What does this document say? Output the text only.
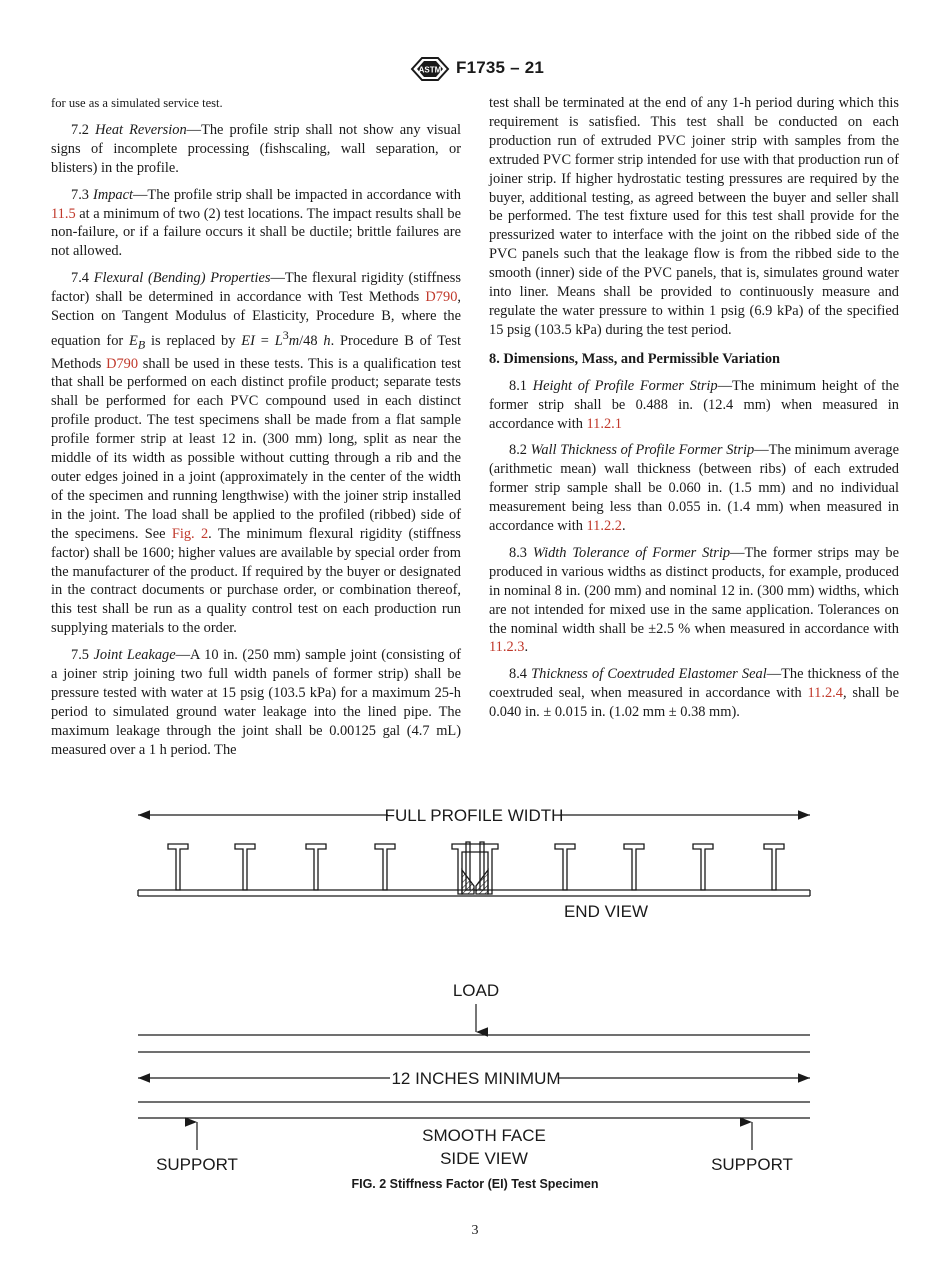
ASTM F1735 – 21

for use as a simulated service test.

7.2 Heat Reversion—The profile strip shall not show any visual signs of incomplete processing (fishscaling, wall separation, or blisters) in the profile.

7.3 Impact—The profile strip shall be impacted in accordance with 11.5 at a minimum of two (2) test locations. The impact results shall be non-failure, or if a failure occurs it shall be ductile; brittle failures are not allowed.

7.4 Flexural (Bending) Properties—The flexural rigidity (stiffness factor) shall be determined in accordance with Test Methods D790, Section on Tangent Modulus of Elasticity, Procedure B, where the equation for $E_B$ is replaced by EI = $L^3m/48$ h. Procedure B of Test Methods D790 shall be used in these tests. This is a qualification test that shall be performed on each distinct profile product; separate tests shall be performed for each PVC compound used in each distinct profile product. The test specimens shall be made from a flat sample profile former strip at least 12 in. (300 mm) long, split as near the middle of its width as possible without cutting through a rib and the outer edges joined in a joint (approximately in the center of the width of the specimen and running lengthwise) with the joiner strip installed in the joint. The load shall be applied to the profiled (ribbed) side of the specimens. See Fig. 2. The minimum flexural rigidity (stiffness factor) shall be 1600; higher values are available by special order from the manufacturer of the product. If required by the buyer or designated in the contract documents or purchase order, or combination thereof, this test shall be run as a quality control test on each production run supplying materials to the order.

7.5 Joint Leakage—A 10 in. (250 mm) sample joint (consisting of a joiner strip joining two full width panels of former strip) shall be pressure tested with water at 15 psig (103.5 kPa) for a maximum 25-h period to simulated ground water leakage into the lined pipe. The maximum leakage through the joint shall be 0.00125 gal (4.7 mL) measured over a 1 h period. The

test shall be terminated at the end of any 1-h period during which this requirement is satisfied. This test shall be conducted on each production run of extruded PVC joiner strip with samples from the extruded PVC former strip intended for use with that production run of joiner strip. If higher hydrostatic testing pressures are required by the buyer, additional testing, as agreed between the buyer and seller shall be performed. The test fixture used for this test shall provide for the pressurized water to interface with the joint on the ribbed side of the PVC panels such that the leakage flow is from the ribbed side to the smooth (inner) side of the PVC panels, that is, simulates ground water into liner. Means shall be provided to continuously measure and regulate the water pressure to within 1 psig (6.9 kPa) of the specified 15 psig (103.5 kPa) during the test period.

8. Dimensions, Mass, and Permissible Variation

8.1 Height of Profile Former Strip—The minimum height of the former strip shall be 0.488 in. (12.4 mm) when measured in accordance with 11.2.1

8.2 Wall Thickness of Profile Former Strip—The minimum average (arithmetic mean) wall thickness (between ribs) of each extruded former strip sample shall be 0.060 in. (1.5 mm) and no individual measurement being less than 0.055 in. (1.4 mm) when measured in accordance with 11.2.2.

8.3 Width Tolerance of Former Strip—The former strips may be produced in various widths as distinct products, for example, produced in nominal 8 in. (200 mm) and nominal 12 in. (300 mm) widths, which are not intended for mixed use in the same application. Tolerances on the nominal width shall be ±2.5 % when measured in accordance with 11.2.3.

8.4 Thickness of Coextruded Elastomer Seal—The thickness of the coextruded seal, when measured in accordance with 11.2.4, shall be 0.040 in. ± 0.015 in. (1.02 mm ± 0.38 mm).

FULL PROFILE WIDTH
END VIEW
LOAD
12 INCHES MINIMUM
SMOOTH FACE
SIDE VIEW
SUPPORT	SUPPORT
FIG. 2 Stiffness Factor (EI) Test Specimen
3
